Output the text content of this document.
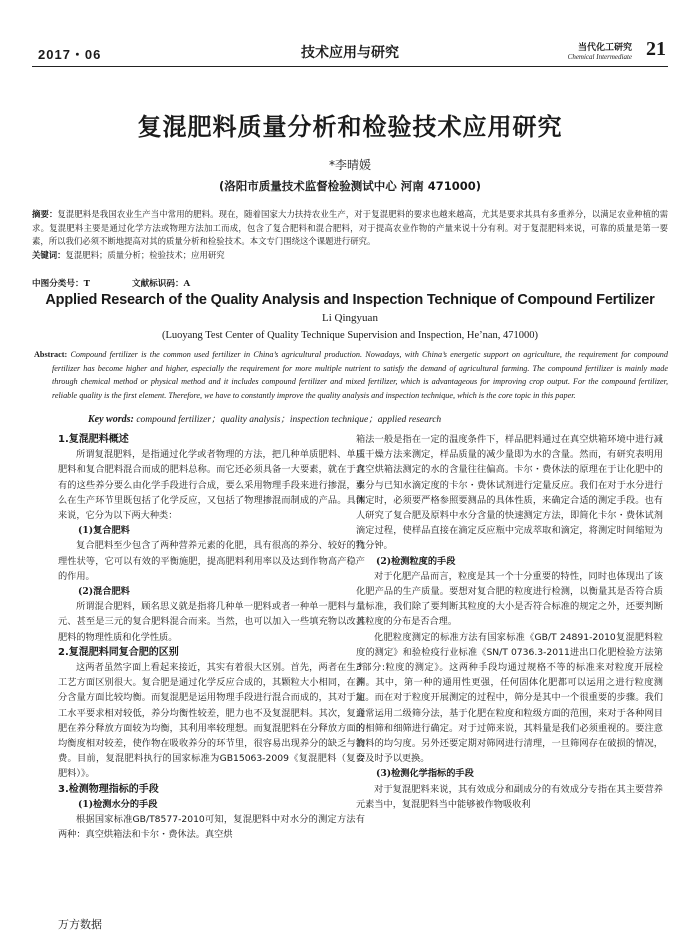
2017・06	技术应用与研究	当代化工研究
Chemical Intermediate 21
复混肥料质量分析和检验技术应用研究
*李晴媛
(洛阳市质量技术监督检验测试中心 河南 471000)
摘要：复混肥料是我国农业生产当中常用的肥料。现在，随着国家大力扶持农业生产，对于复混肥料的要求也越来越高，尤其是要求其具有多重养分，以满足农业种植的需求。复混肥料主要是通过化学方法或物理方法加工而成，包含了复合肥料和混合肥料，对于提高农业作物的产量来说十分有利。对于复混肥料来说，可靠的质量是第一要素，所以我们必须不断地提高对其的质量分析和检验技术。本文专门围绕这个课题进行研究。
关键词：复混肥料；质量分析；检验技术；应用研究
中图分类号：T	文献标识码：A
Applied Research of the Quality Analysis and Inspection Technique of Compound Fertilizer
Li Qingyuan
(Luoyang Test Center of Quality Technique Supervision and Inspection, He’nan, 471000)
Abstract: Compound fertilizer is the common used fertilizer in China’s agricultural production. Nowadays, with China’s energetic support on agriculture, the requirement for compound fertilizer has become higher and higher, especially the requirement for more multiple nutrient to satisfy the demand of agricultural farming. The compound fertilizer is mainly made through chemical method or physical method and it includes compound fertilizer and mixed fertilizer, which is advantageous for improving crop output. For the compound fertilizer, reliable quality is the first element. Therefore, we have to constantly improve the quality analysis and inspection technique, which is the core topic in this paper.
Key words: compound fertilizer；quality analysis；inspection technique；applied research

1.复混肥料概述

所谓复混肥料，是指通过化学或者物理的方法，把几种单质肥料、单质肥料和复合肥料混合而成的肥料总称。而它还必须具备一大要素，就在于含有的这些养分要么由化学手段进行合成，要么采用物理手段来进行掺混，要么在生产环节里既包括了化学反应，又包括了物理掺混而制成的产品。具体来说，它分为以下两大种类：

(1)复合肥料

复合肥料至少包含了两种营养元素的化肥，具有很高的养分、较好的物理性状等，它可以有效的平衡施肥，提高肥料利用率以及达到作物高产稳产的作用。

(2)混合肥料

所谓混合肥料，顾名思义就是指将几种单一肥料或者一种单一肥料与二元、甚至是三元的复合肥料混合而来。当然，也可以加入一些填充物以改善肥料的物理性质和化学性质。

2.复混肥料同复合肥的区别

这两者虽然字面上看起来接近，其实有着很大区别。首先，两者在生产工艺方面区别很大。复合肥是通过化学反应合成的，其颗粒大小相同，在养分含量方面比较均衡。而复混肥是运用物理手段进行混合而成的，其对于加工水平要求相对较低，养分均衡性较差，肥力也不及复混肥料。其次，复合肥在养分释放方面较为均衡，其利用率较理想。而复混肥料在分释放方面的均衡度相对较差，使作物在吸收养分的环节里，很容易出现养分的缺乏与浪费。目前，复混肥料执行的国家标准为GB15063-2009《复混肥料（复合肥料）》。

3.检测物理指标的手段

(1)检测水分的手段

根据国家标准GB/T8577-2010可知，复混肥料中对水分的测定方法有两种：真空烘箱法和卡尔・费休法。真空烘

箱法一般是指在一定的温度条件下，样品肥料通过在真空烘箱环境中进行减压干燥方法来测定，样品质量的减少量即为水的含量。然而，有研究表明用真空烘箱法测定的水的含量往往偏高。卡尔・费休法的原理在于让化肥中的水分与已知水滴定度的卡尔・费休试剂进行定量反应。我们在对于水分进行测定时，必须要严格参照要测品的具体性质，来确定合适的测定手段。也有人研究了复合肥及原料中水分含量的快速测定方法，即简化卡尔・费休试剂滴定过程，使样品直接在滴定反应瓶中完成萃取和滴定，将测定时间缩短为几分钟。

(2)检测粒度的手段

对于化肥产品而言，粒度是其一个十分重要的特性，同时也体现出了该化肥产品的生产质量。要想对复合肥的粒度进行检测，以衡量其是否符合质量标准，我们除了要判断其粒度的大小是否符合标准的规定之外，还要判断其粒度的分布是否合理。

化肥粒度测定的标准方法有国家标准《GB/T 24891-2010复混肥料粒度的测定》和验检疫行业标准《SN/T 0736.3-2011进出口化肥检验方法第3部分:粒度的测定》。这两种手段均通过规格不等的标准来对粒度开展检测。其中，第一种的通用性更强，任何固体化肥都可以运用之进行粒度测定。而在对于粒度开展测定的过程中，筛分是其中一个很重要的步骤。我们通常运用二级筛分法，基于化肥在粒度和粒级方面的范围，来对于各种网目的相筛和细筛进行确定。对于过筛来说，其料量是我们必须重视的。要注意物料的均匀度。另外还要定期对筛网进行清理，一旦筛网存在破损的情况，要及时予以更换。

(3)检测化学指标的手段

对于复混肥料来说，其有效成分和副成分的有效成分专指在其主要营养元素当中，复混肥料当中能够被作物吸收利

万方数据
